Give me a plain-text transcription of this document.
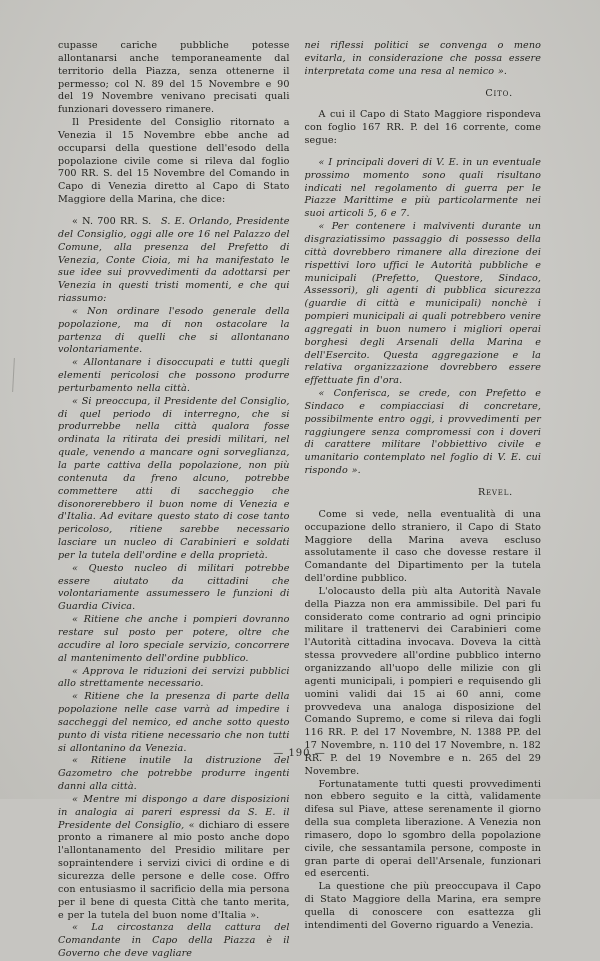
cupasse cariche pubbliche potesse allontanarsi anche temporaneamente dal territorio della Piazza, senza ottenerne il permesso; col N. 89 del 15 Novembre e 90 del 19 Novembre venivano precisati quali funzionari dovessero rimanere.

Il Presidente del Consiglio ritornato a Venezia il 15 Novembre ebbe anche ad occuparsi della questione dell'esodo della popolazione civile come si rileva dal foglio 700 RR. S. del 15 Novembre del Comando in Capo di Venezia diretto al Capo di Stato Maggiore della Marina, che dice:

« N. 700 RR. S. S. E. Orlando, Presidente del Consiglio, oggi alle ore 16 nel Palazzo del Comune, alla presenza del Prefetto di Venezia, Conte Cioia, mi ha manifestato le sue idee sui provvedimenti da adottarsi per Venezia in questi tristi momenti, e che qui riassumo:

« Non ordinare l'esodo generale della popolazione, ma di non ostacolare la partenza di quelli che si allontanano volontariamente.

« Allontanare i disoccupati e tutti quegli elementi pericolosi che possono produrre perturbamento nella città.

« Si preoccupa, il Presidente del Consiglio, di quel periodo di interregno, che si produrrebbe nella città qualora fosse ordinata la ritirata dei presidi militari, nel quale, venendo a mancare ogni sorveglianza, la parte cattiva della popolazione, non più contenuta da freno alcuno, potrebbe commettere atti di saccheggio che disonorerebbero il buon nome di Venezia e d'Italia. Ad evitare questo stato di cose tanto pericoloso, ritiene sarebbe necessario lasciare un nucleo di Carabinieri e soldati per la tutela dell'ordine e della proprietà.

« Questo nucleo di militari potrebbe essere aiutato da cittadini che volontariamente assumessero le funzioni di Guardia Civica.

« Ritiene che anche i pompieri dovranno restare sul posto per potere, oltre che accudire al loro speciale servizio, concorrere al mantenimento dell'ordine pubblico.

« Approva le riduzioni dei servizi pubblici allo strettamente necessario.

« Ritiene che la presenza di parte della popolazione nelle case varrà ad impedire i saccheggi del nemico, ed anche sotto questo punto di vista ritiene necessario che non tutti si allontanino da Venezia.

« Ritiene inutile la distruzione del Gazometro che potrebbe produrre ingenti danni alla città.

« Mentre mi dispongo a dare disposizioni in analogia ai pareri espressi da S. E. il Presidente del Consiglio, « dichiaro di essere pronto a rimanere al mio posto anche dopo l'allontanamento del Presidio militare per sopraintendere i servizi civici di ordine e di sicurezza delle persone e delle cose. Offro con entusiasmo il sacrificio della mia persona per il bene di questa Città che tanto merita, e per la tutela del buon nome d'Italia ».

« La circostanza della cattura del Comandante in Capo della Piazza è il Governo che deve vagliare

nei riflessi politici se convenga o meno evitarla, in considerazione che possa essere interpretata come una resa al nemico ».

Cito.

A cui il Capo di Stato Maggiore rispondeva con foglio 167 RR. P. del 16 corrente, come segue:

« I principali doveri di V. E. in un eventuale prossimo momento sono quali risultano indicati nel regolamento di guerra per le Piazze Marittime e più particolarmente nei suoi articoli 5, 6 e 7.

« Per contenere i malviventi durante un disgraziatissimo passaggio di possesso della città dovrebbero rimanere alla direzione dei rispettivi loro uffici le Autorità pubbliche e municipali (Prefetto, Questore, Sindaco, Assessori), gli agenti di pubblica sicurezza (guardie di città e municipali) nonchè i pompieri municipali ai quali potrebbero venire aggregati in buon numero i migliori operai borghesi degli Arsenali della Marina e dell'Esercito. Questa aggregazione e la relativa organizzazione dovrebbero essere effettuate fin d'ora.

« Conferisca, se crede, con Prefetto e Sindaco e compiacciasi di concretare, possibilmente entro oggi, i provvedimenti per raggiungere senza compromessi con i doveri di carattere militare l'obbiettivo civile e umanitario contemplato nel foglio di V. E. cui rispondo ».

Revel.

Come si vede, nella eventualità di una occupazione dello straniero, il Capo di Stato Maggiore della Marina aveva escluso assolutamente il caso che dovesse restare il Comandante del Dipartimento per la tutela dell'ordine pubblico.

L'olocausto della più alta Autorità Navale della Piazza non era ammissibile. Del pari fu considerato come contrario ad ogni principio militare il trattenervi dei Carabinieri come l'Autorità cittadina invocava. Doveva la città stessa provvedere all'ordine pubblico interno organizzando all'uopo delle milizie con gli agenti municipali, i pompieri e requisendo gli uomini validi dai 15 ai 60 anni, come provvedeva una analoga disposizione del Comando Supremo, e come si rileva dai fogli 116 RR. P. del 17 Novembre, N. 1388 PP. del 17 Novembre, n. 110 del 17 Novembre, n. 182 RR. P. del 19 Novembre e n. 265 del 29 Novembre.

Fortunatamente tutti questi provvedimenti non ebbero seguito e la città, validamente difesa sul Piave, attese serenamente il giorno della sua completa liberazione. A Venezia non rimasero, dopo lo sgombro della popolazione civile, che sessantamila persone, composte in gran parte di operai dell'Arsenale, funzionari ed esercenti.

La questione che più preoccupava il Capo di Stato Maggiore della Marina, era sempre quella di conoscere con esattezza gli intendimenti del Governo riguardo a Venezia.

— 190 —
